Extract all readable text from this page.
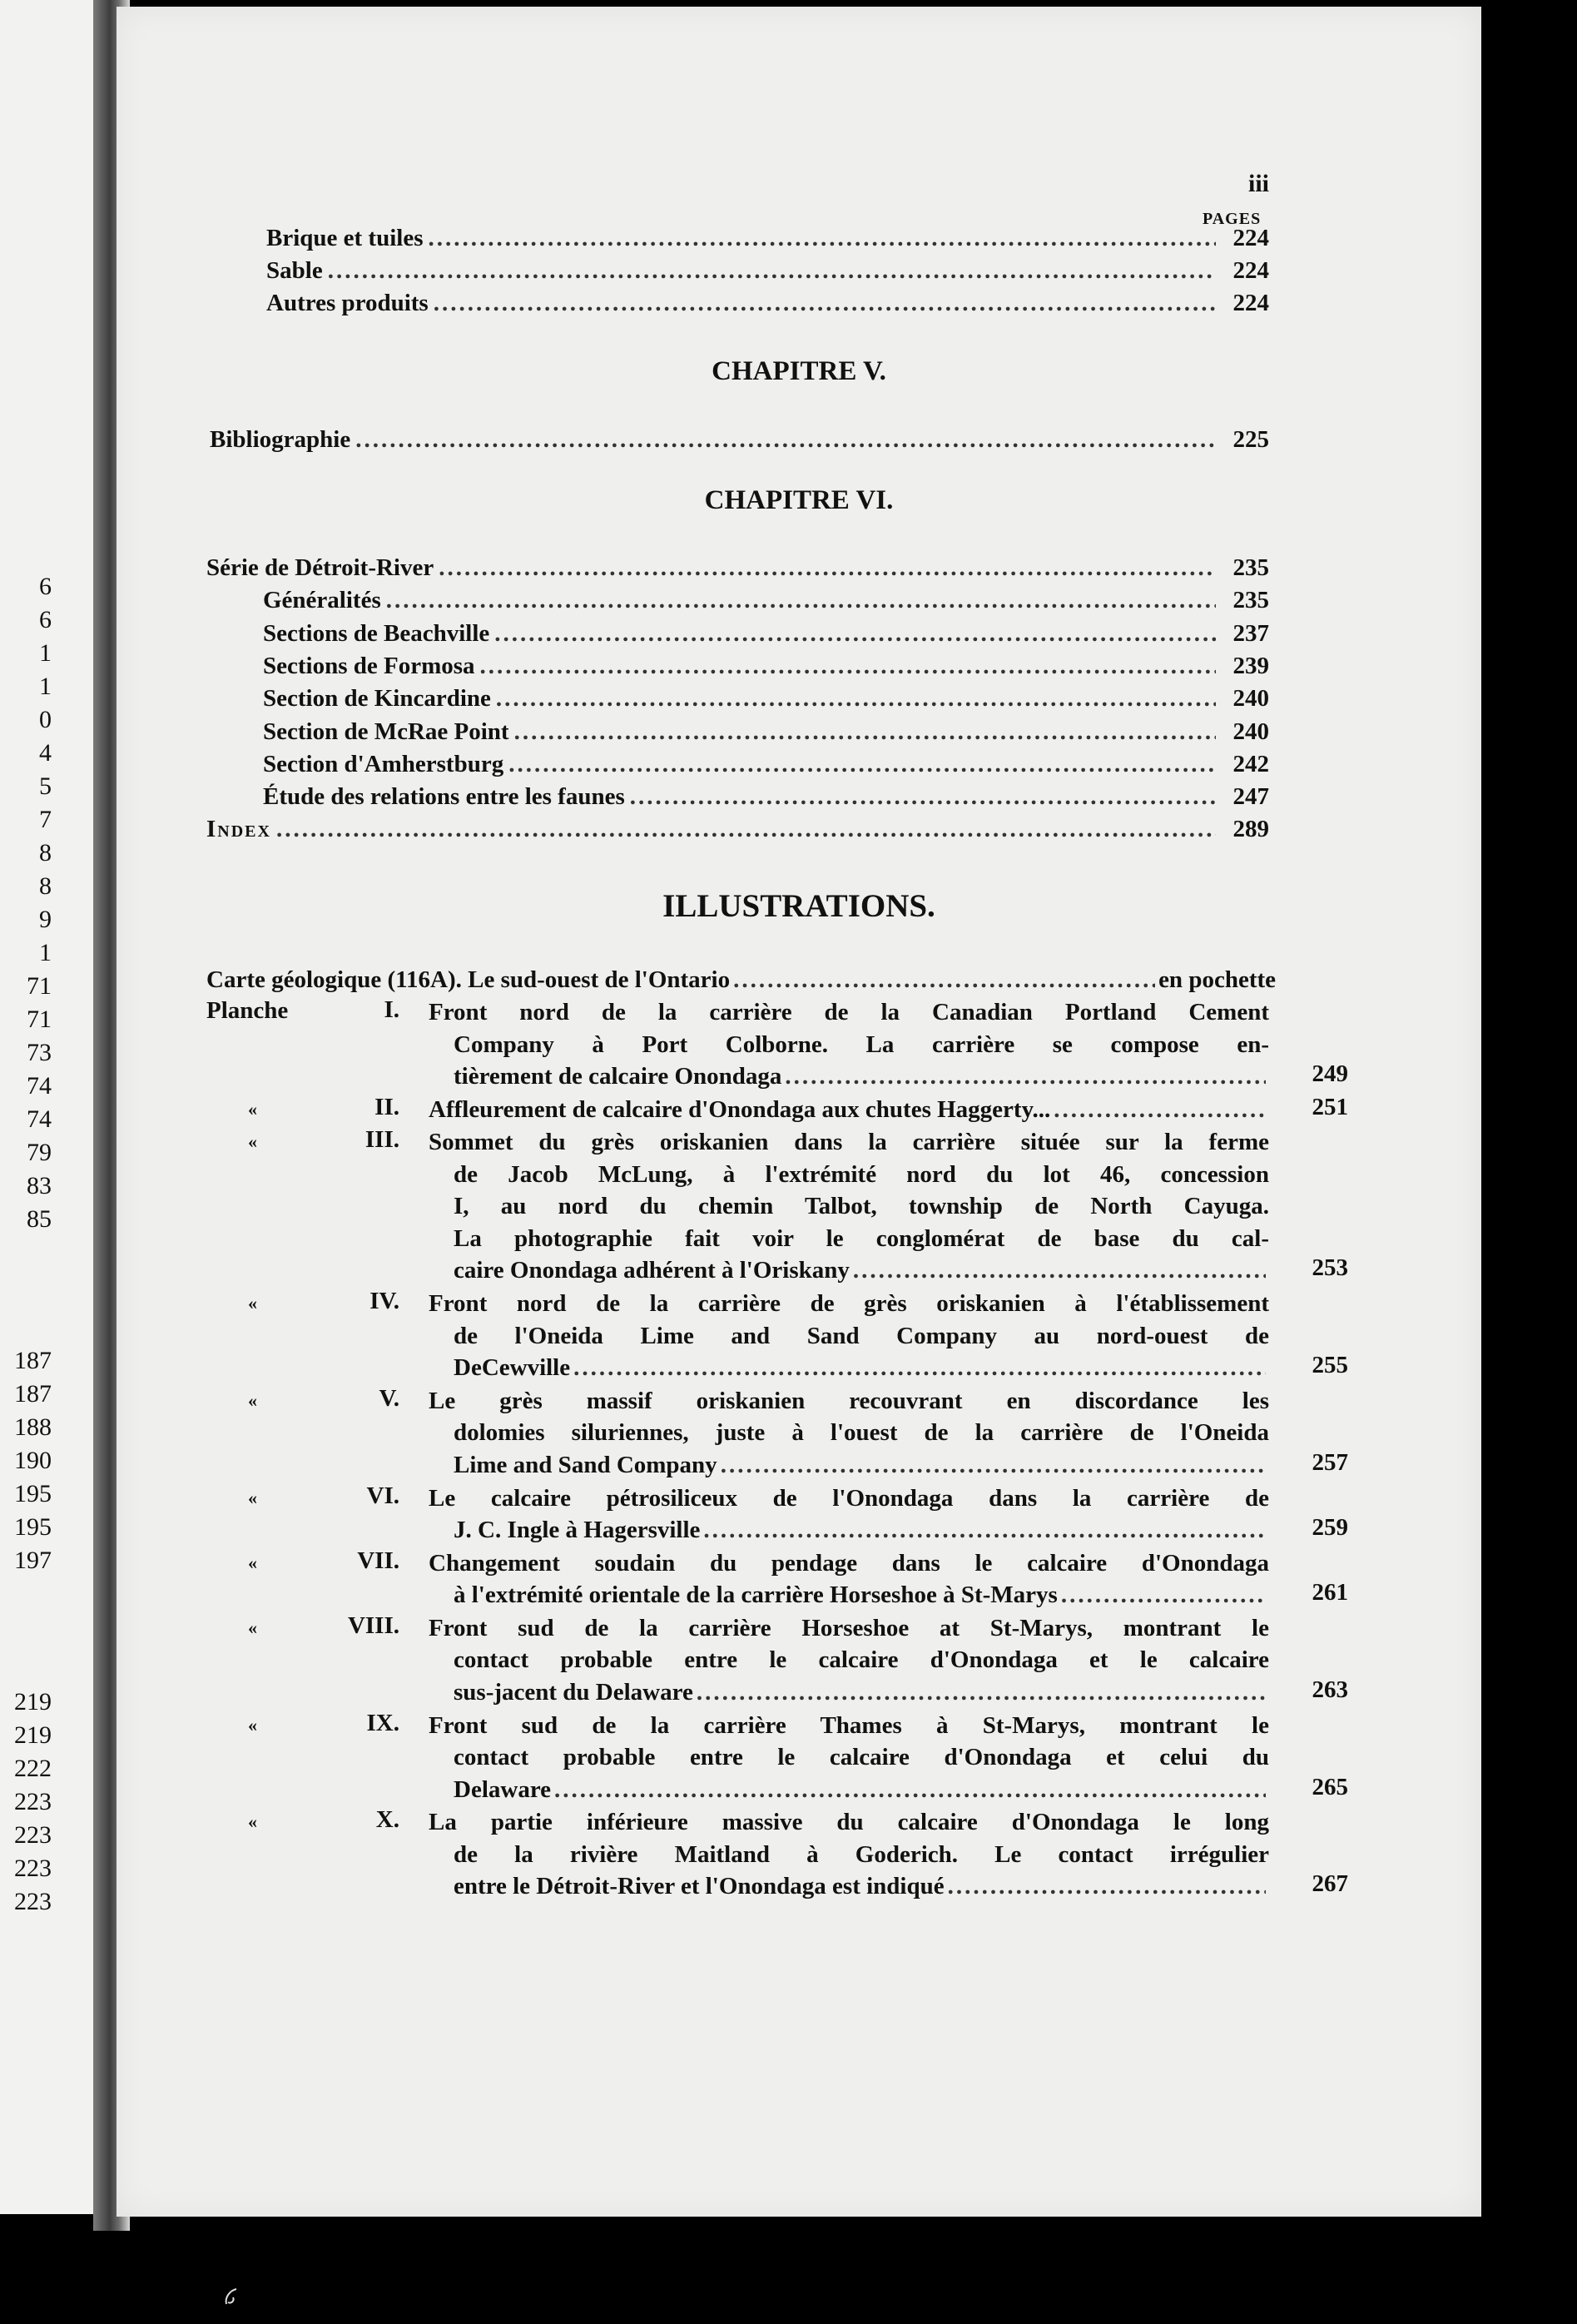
6
6
1
1
0
4
5
7
8
8
9
1
71
71
73
74
74
79
83
85
187
187
188
190
195
195
197
219
219
222
223
223
223
223
iii
PAGES
Brique et tuiles .....	224
Sable .....	224
Autres produits .....	224
CHAPITRE V.
Bibliographie .....	225
CHAPITRE VI.
Série de Détroit-River .....	235
Généralités .....	235
Sections de Beachville .....	237
Sections de Formosa .....	239
Section de Kincardine .....	240
Section de McRae Point .....	240
Section d'Amherstburg .....	242
Étude des relations entre les faunes .....	247
Index .....	289
ILLUSTRATIONS.
Carte géologique (116A). Le sud-ouest de l'Ontario .....	en pochette
Planche	I. Front nord de la carrière de la Canadian Portland Cement
Company à Port Colborne. La carrière se compose en-
tièrement de calcaire Onondaga .....	249
«	II. Affleurement de calcaire d'Onondaga aux chutes Haggerty... .....	251
«	III. Sommet du grès oriskanien dans la carrière située sur la ferme
de Jacob McLung, à l'extrémité nord du lot 46, concession
I, au nord du chemin Talbot, township de North Cayuga.
La photographie fait voir le conglomérat de base du cal-
caire Onondaga adhérent à l'Oriskany .....	253
«	IV. Front nord de la carrière de grès oriskanien à l'établissement
de l'Oneida Lime and Sand Company au nord-ouest de
DeCewville .....	255
«	V. Le grès massif oriskanien recouvrant en discordance les
dolomies siluriennes, juste à l'ouest de la carrière de l'Oneida
Lime and Sand Company .....	257
«	VI. Le calcaire pétrosiliceux de l'Onondaga dans la carrière de
J. C. Ingle à Hagersville .....	259
«	VII. Changement soudain du pendage dans le calcaire d'Onondaga
à l'extrémité orientale de la carrière Horseshoe à St-Marys .....	261
«	VIII. Front sud de la carrière Horseshoe at St-Marys, montrant le
contact probable entre le calcaire d'Onondaga et le calcaire
sus-jacent du Delaware .....	263
«	IX. Front sud de la carrière Thames à St-Marys, montrant le
contact probable entre le calcaire d'Onondaga et celui du
Delaware .....	265
«	X. La partie inférieure massive du calcaire d'Onondaga le long
de la rivière Maitland à Goderich. Le contact irrégulier
entre le Détroit-River et l'Onondaga est indiqué .....	267
